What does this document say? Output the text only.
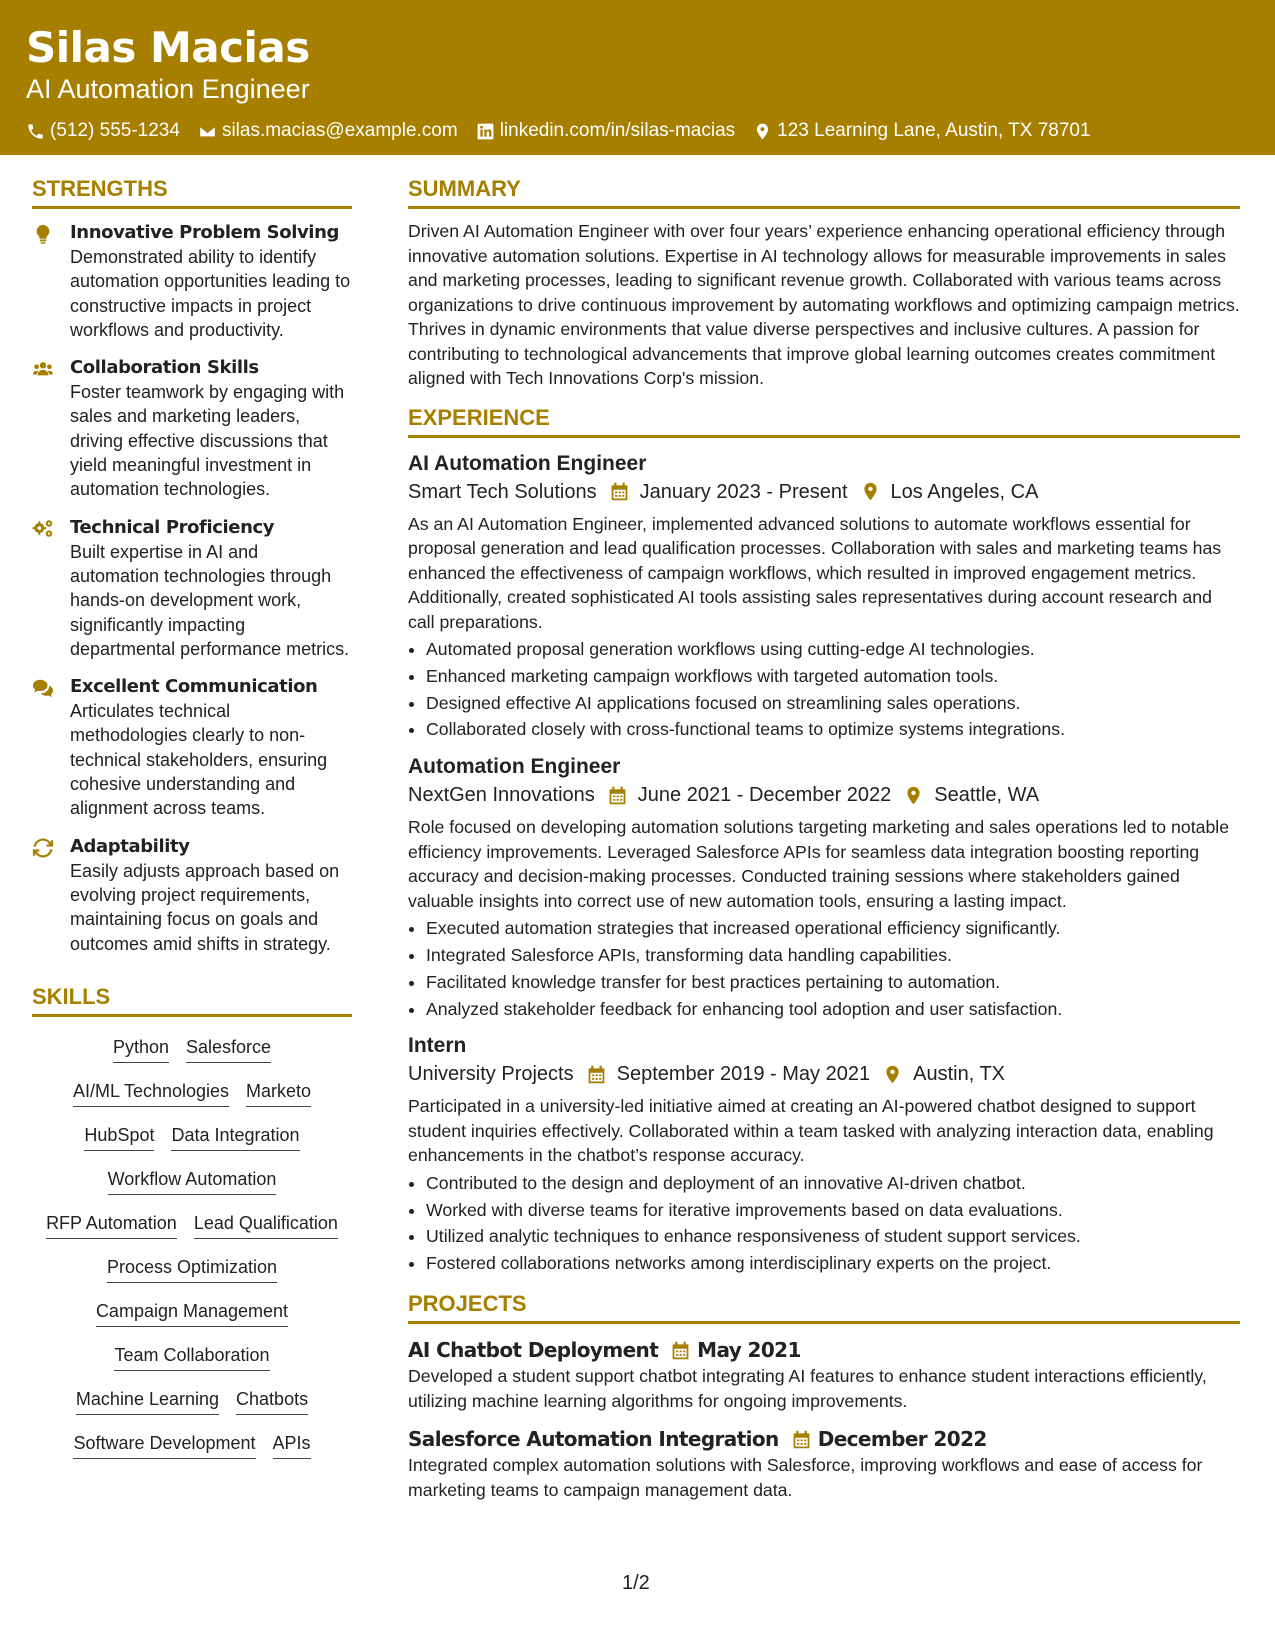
Silas Macias
AI Automation Engineer
(512) 555-1234 silas.macias@example.com linkedin.com/in/silas-macias 123 Learning Lane, Austin, TX 78701
STRENGTHS
Innovative Problem Solving
Demonstrated ability to identify automation opportunities leading to constructive impacts in project workflows and productivity.
Collaboration Skills
Foster teamwork by engaging with sales and marketing leaders, driving effective discussions that yield meaningful investment in automation technologies.
Technical Proficiency
Built expertise in AI and automation technologies through hands-on development work, significantly impacting departmental performance metrics.
Excellent Communication
Articulates technical methodologies clearly to non-technical stakeholders, ensuring cohesive understanding and alignment across teams.
Adaptability
Easily adjusts approach based on evolving project requirements, maintaining focus on goals and outcomes amid shifts in strategy.
SKILLS
Python Salesforce
AI/ML Technologies Marketo
HubSpot Data Integration
Workflow Automation
RFP Automation Lead Qualification
Process Optimization
Campaign Management
Team Collaboration
Machine Learning Chatbots
Software Development APIs
SUMMARY
Driven AI Automation Engineer with over four years’ experience enhancing operational efficiency through innovative automation solutions. Expertise in AI technology allows for measurable improvements in sales and marketing processes, leading to significant revenue growth. Collaborated with various teams across organizations to drive continuous improvement by automating workflows and optimizing campaign metrics. Thrives in dynamic environments that value diverse perspectives and inclusive cultures. A passion for contributing to technological advancements that improve global learning outcomes creates commitment aligned with Tech Innovations Corp's mission.
EXPERIENCE
AI Automation Engineer
Smart Tech Solutions January 2023 - Present Los Angeles, CA
As an AI Automation Engineer, implemented advanced solutions to automate workflows essential for proposal generation and lead qualification processes. Collaboration with sales and marketing teams has enhanced the effectiveness of campaign workflows, which resulted in improved engagement metrics. Additionally, created sophisticated AI tools assisting sales representatives during account research and call preparations.
• Automated proposal generation workflows using cutting-edge AI technologies.
• Enhanced marketing campaign workflows with targeted automation tools.
• Designed effective AI applications focused on streamlining sales operations.
• Collaborated closely with cross-functional teams to optimize systems integrations.
Automation Engineer
NextGen Innovations June 2021 - December 2022 Seattle, WA
Role focused on developing automation solutions targeting marketing and sales operations led to notable efficiency improvements. Leveraged Salesforce APIs for seamless data integration boosting reporting accuracy and decision-making processes. Conducted training sessions where stakeholders gained valuable insights into correct use of new automation tools, ensuring a lasting impact.
• Executed automation strategies that increased operational efficiency significantly.
• Integrated Salesforce APIs, transforming data handling capabilities.
• Facilitated knowledge transfer for best practices pertaining to automation.
• Analyzed stakeholder feedback for enhancing tool adoption and user satisfaction.
Intern
University Projects September 2019 - May 2021 Austin, TX
Participated in a university-led initiative aimed at creating an AI-powered chatbot designed to support student inquiries effectively. Collaborated within a team tasked with analyzing interaction data, enabling enhancements in the chatbot’s response accuracy.
• Contributed to the design and deployment of an innovative AI-driven chatbot.
• Worked with diverse teams for iterative improvements based on data evaluations.
• Utilized analytic techniques to enhance responsiveness of student support services.
• Fostered collaborations networks among interdisciplinary experts on the project.
PROJECTS
AI Chatbot Deployment May 2021
Developed a student support chatbot integrating AI features to enhance student interactions efficiently, utilizing machine learning algorithms for ongoing improvements.
Salesforce Automation Integration December 2022
Integrated complex automation solutions with Salesforce, improving workflows and ease of access for marketing teams to campaign management data.
1/2
